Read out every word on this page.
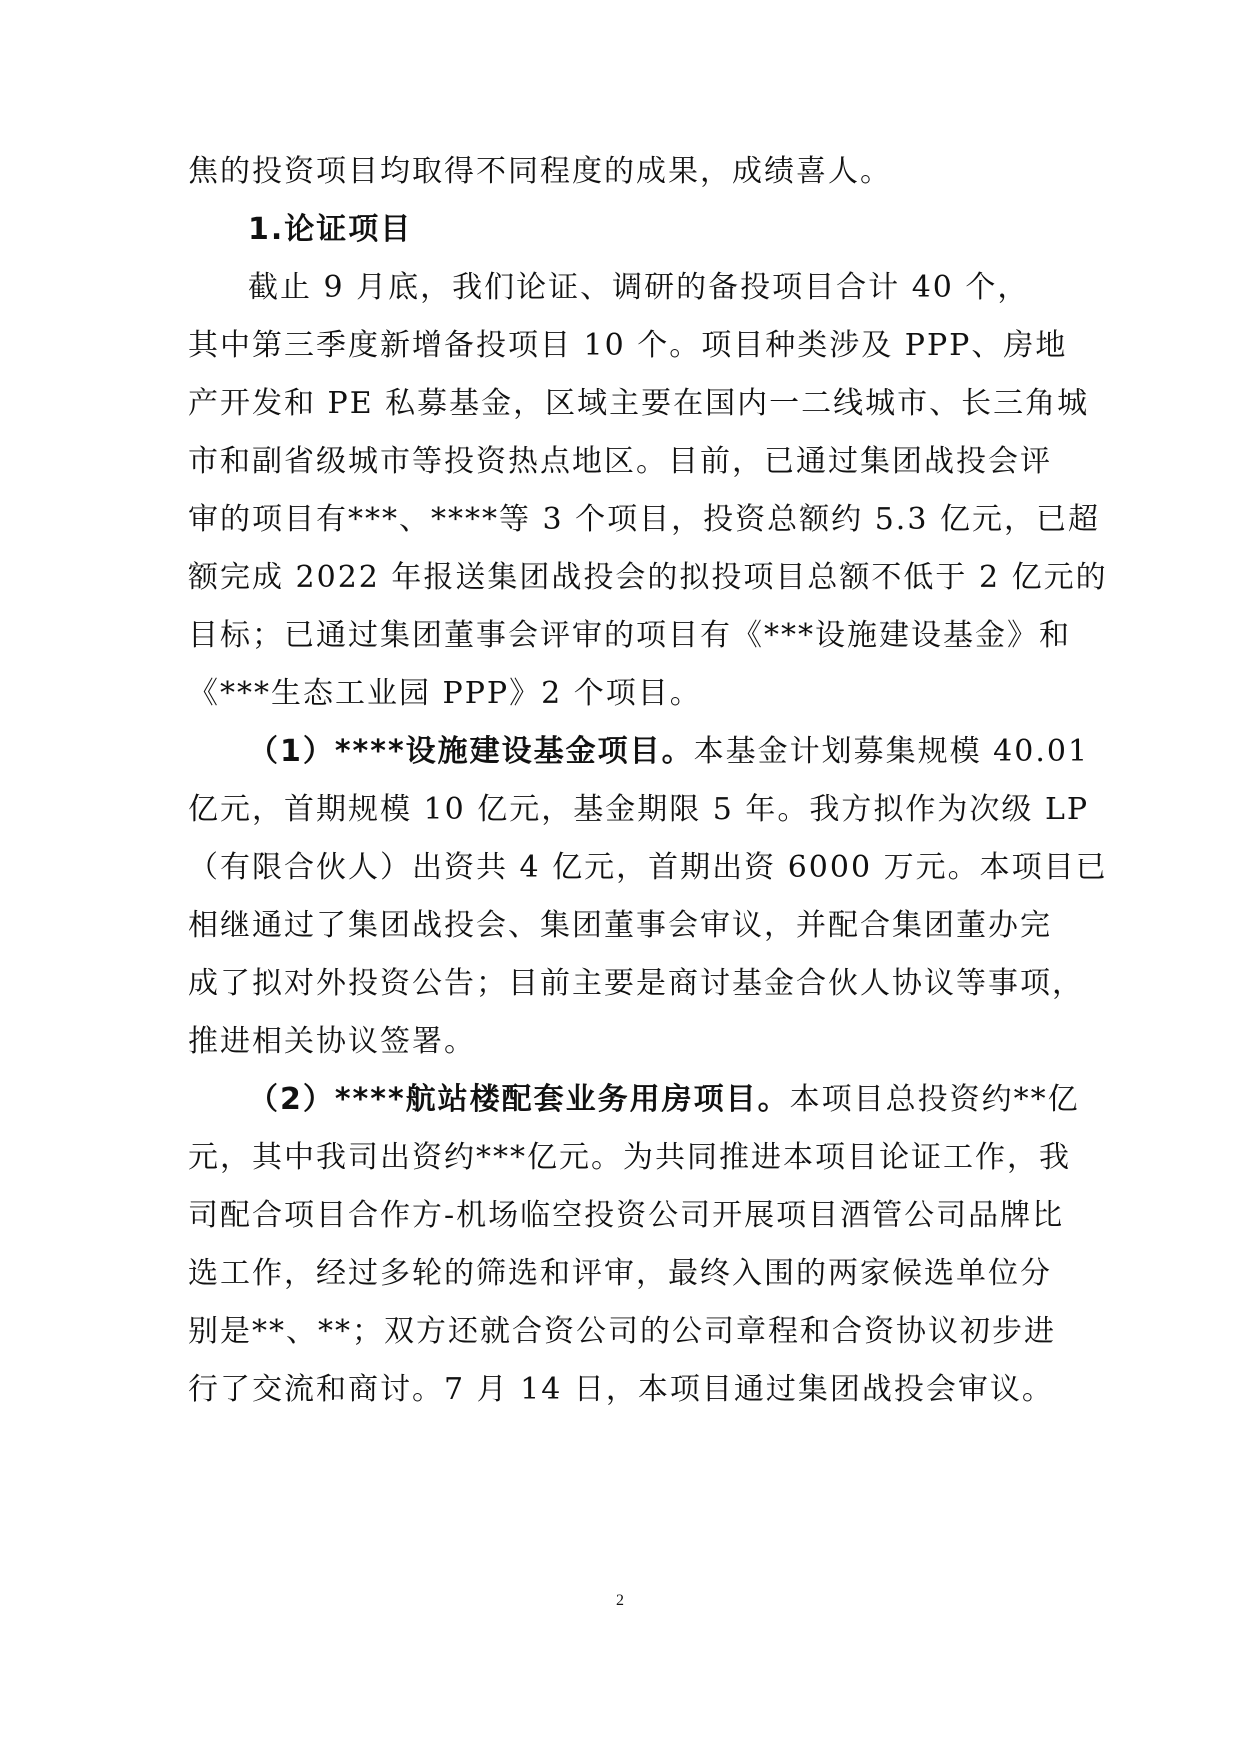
焦的投资项目均取得不同程度的成果，成绩喜人。
1.论证项目
截止 9 月底，我们论证、调研的备投项目合计 40 个，
其中第三季度新增备投项目 10 个。项目种类涉及 PPP、房地
产开发和 PE 私募基金，区域主要在国内一二线城市、长三角城
市和副省级城市等投资热点地区。目前，已通过集团战投会评
审的项目有***、****等 3 个项目，投资总额约 5.3 亿元，已超
额完成 2022 年报送集团战投会的拟投项目总额不低于 2 亿元的
目标；已通过集团董事会评审的项目有《***设施建设基金》和
《***生态工业园 PPP》2 个项目。
（1）****设施建设基金项目。本基金计划募集规模 40.01
亿元，首期规模 10 亿元，基金期限 5 年。我方拟作为次级 LP
（有限合伙人）出资共 4 亿元，首期出资 6000 万元。本项目已
相继通过了集团战投会、集团董事会审议，并配合集团董办完
成了拟对外投资公告；目前主要是商讨基金合伙人协议等事项，
推进相关协议签署。
（2）****航站楼配套业务用房项目。本项目总投资约**亿
元，其中我司出资约***亿元。为共同推进本项目论证工作，我
司配合项目合作方-机场临空投资公司开展项目酒管公司品牌比
选工作，经过多轮的筛选和评审，最终入围的两家候选单位分
别是**、**；双方还就合资公司的公司章程和合资协议初步进
行了交流和商讨。7 月 14 日，本项目通过集团战投会审议。
2
